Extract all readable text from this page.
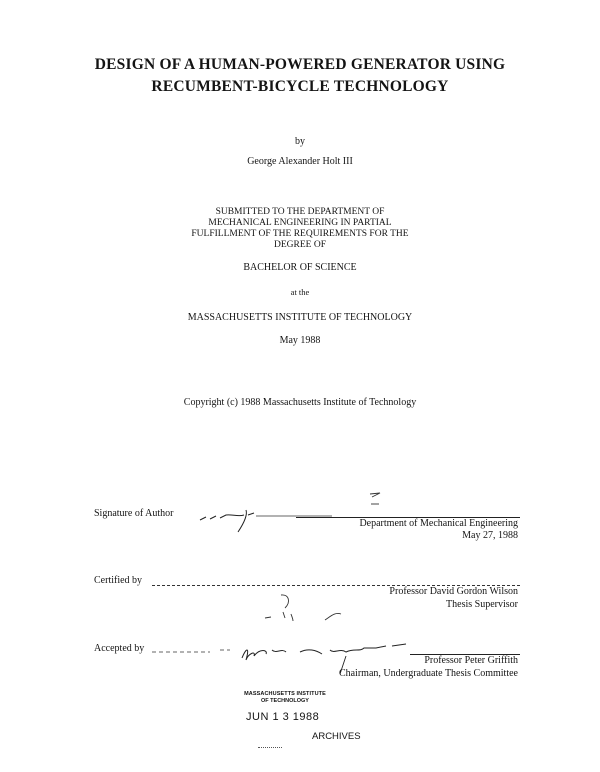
DESIGN OF A HUMAN-POWERED GENERATOR USING
RECUMBENT-BICYCLE TECHNOLOGY
by
George Alexander Holt III
SUBMITTED TO THE DEPARTMENT OF
MECHANICAL ENGINEERING IN PARTIAL
FULFILLMENT OF THE REQUIREMENTS FOR THE
DEGREE OF
BACHELOR OF SCIENCE
at the
MASSACHUSETTS INSTITUTE OF TECHNOLOGY
May 1988
Copyright (c) 1988 Massachusetts Institute of Technology
Signature of Author
Department of Mechanical Engineering
May 27, 1988
Certified by
Professor David Gordon Wilson
Thesis Supervisor
Accepted by
Professor Peter Griffith
Chairman, Undergraduate Thesis Committee
MASSACHUSETTS INSTITUTE
OF TECHNOLOGY
JUN 1 3 1988
ARCHIVES
